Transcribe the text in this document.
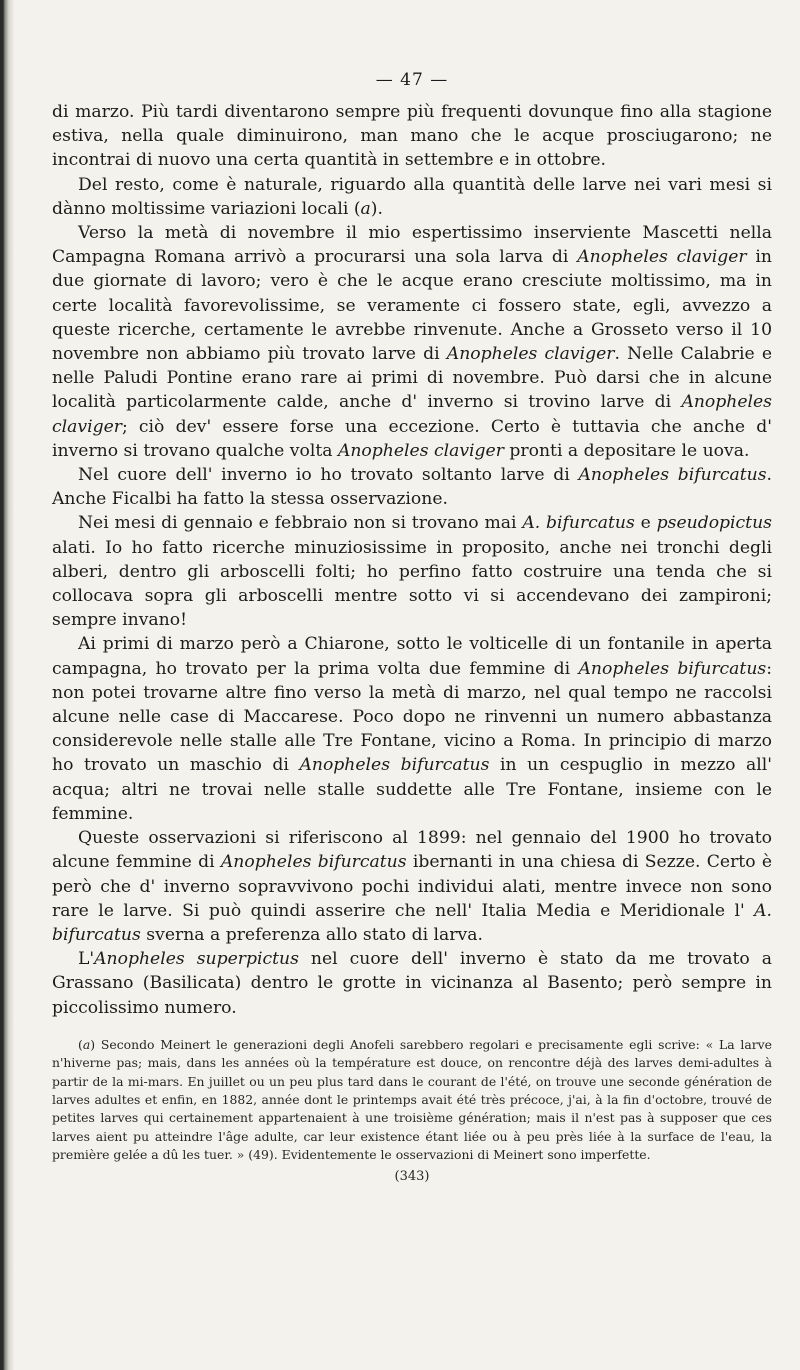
— 47 —

di marzo. Più tardi diventarono sempre più frequenti dovunque fino alla stagione estiva, nella quale diminuirono, man mano che le acque prosciugarono; ne incontrai di nuovo una certa quantità in settembre e in ottobre.

Del resto, come è naturale, riguardo alla quantità delle larve nei vari mesi si dànno moltissime variazioni locali (a).

Verso la metà di novembre il mio espertissimo inserviente Mascetti nella Campagna Romana arrivò a procurarsi una sola larva di Anopheles claviger in due giornate di lavoro; vero è che le acque erano cresciute moltissimo, ma in certe località favorevolissime, se veramente ci fossero state, egli, avvezzo a queste ricerche, certamente le avrebbe rinvenute. Anche a Grosseto verso il 10 novembre non abbiamo più trovato larve di Anopheles claviger. Nelle Calabrie e nelle Paludi Pontine erano rare ai primi di novembre. Può darsi che in alcune località particolarmente calde, anche d' inverno si trovino larve di Anopheles claviger; ciò dev' essere forse una eccezione. Certo è tuttavia che anche d' inverno si trovano qualche volta Anopheles claviger pronti a depositare le uova.

Nel cuore dell' inverno io ho trovato soltanto larve di Anopheles bifurcatus. Anche Ficalbi ha fatto la stessa osservazione.

Nei mesi di gennaio e febbraio non si trovano mai A. bifurcatus e pseudopictus alati. Io ho fatto ricerche minuziosissime in proposito, anche nei tronchi degli alberi, dentro gli arboscelli folti; ho perfino fatto costruire una tenda che si collocava sopra gli arboscelli mentre sotto vi si accendevano dei zampironi; sempre invano!

Ai primi di marzo però a Chiarone, sotto le volticelle di un fontanile in aperta campagna, ho trovato per la prima volta due femmine di Anopheles bifurcatus: non potei trovarne altre fino verso la metà di marzo, nel qual tempo ne raccolsi alcune nelle case di Maccarese. Poco dopo ne rinvenni un numero abbastanza considerevole nelle stalle alle Tre Fontane, vicino a Roma. In principio di marzo ho trovato un maschio di Anopheles bifurcatus in un cespuglio in mezzo all' acqua; altri ne trovai nelle stalle suddette alle Tre Fontane, insieme con le femmine.

Queste osservazioni si riferiscono al 1899: nel gennaio del 1900 ho trovato alcune femmine di Anopheles bifurcatus ibernanti in una chiesa di Sezze. Certo è però che d' inverno sopravvivono pochi individui alati, mentre invece non sono rare le larve. Si può quindi asserire che nell' Italia Media e Meridionale l' A. bifurcatus sverna a preferenza allo stato di larva.

L'Anopheles superpictus nel cuore dell' inverno è stato da me trovato a Grassano (Basilicata) dentro le grotte in vicinanza al Basento; però sempre in piccolissimo numero.

(a) Secondo Meinert le generazioni degli Anofeli sarebbero regolari e precisamente egli scrive: « La larve n'hiverne pas; mais, dans les années où la température est douce, on rencontre déjà des larves demi-adultes à partir de la mi-mars. En juillet ou un peu plus tard dans le courant de l'été, on trouve une seconde génération de larves adultes et enfin, en 1882, année dont le printemps avait été très précoce, j'ai, à la fin d'octobre, trouvé de petites larves qui certainement appartenaient à une troisième génération; mais il n'est pas à supposer que ces larves aient pu atteindre l'âge adulte, car leur existence étant liée ou à peu près liée à la surface de l'eau, la première gelée a dû les tuer. » (49). Evidentemente le osservazioni di Meinert sono imperfette.

(343)
